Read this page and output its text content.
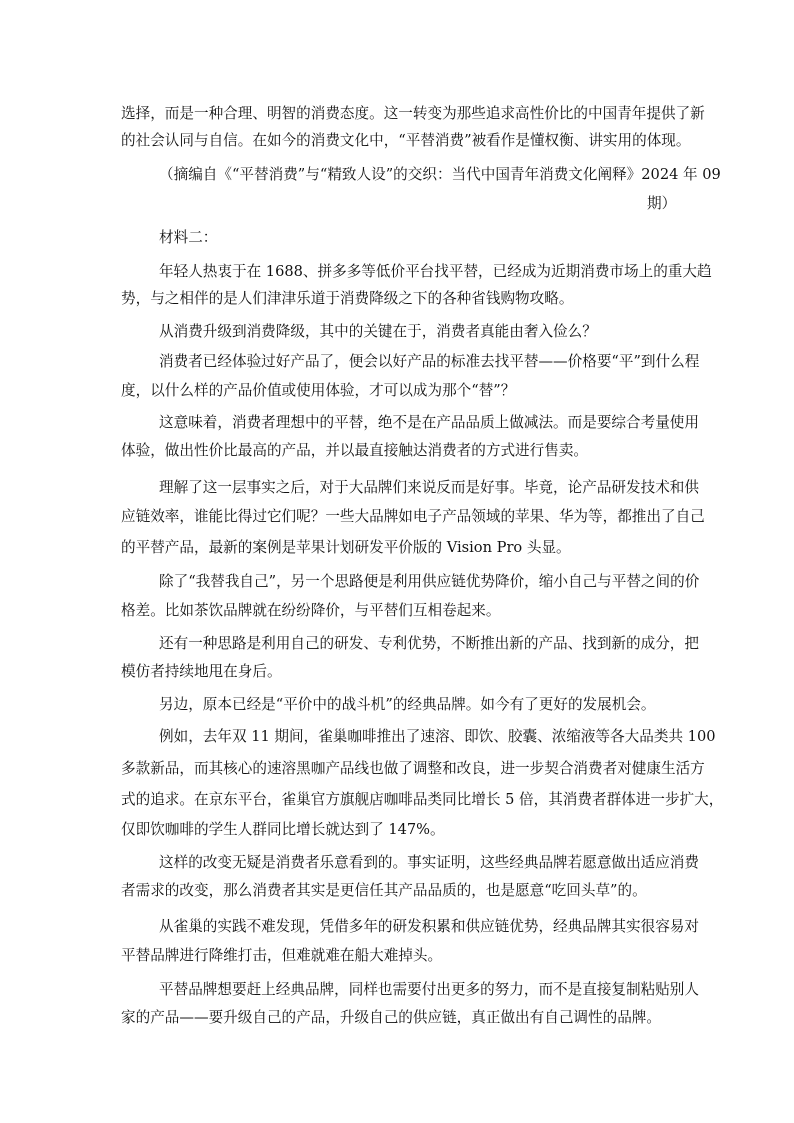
选择，而是一种合理、明智的消费态度。这一转变为那些追求高性价比的中国青年提供了新
的社会认同与自信。在如今的消费文化中，“平替消费”被看作是懂权衡、讲实用的体现。
（摘编自《“平替消费”与“精致人设”的交织：当代中国青年消费文化阐释》2024 年 09
期）
材料二：
年轻人热衷于在 1688、拼多多等低价平台找平替，已经成为近期消费市场上的重大趋
势，与之相伴的是人们津津乐道于消费降级之下的各种省钱购物攻略。
从消费升级到消费降级，其中的关键在于，消费者真能由奢入俭么？
消费者已经体验过好产品了，便会以好产品的标准去找平替——价格要“平”到什么程
度，以什么样的产品价值或使用体验，才可以成为那个“替”？
这意味着，消费者理想中的平替，绝不是在产品品质上做减法。而是要综合考量使用
体验，做出性价比最高的产品，并以最直接触达消费者的方式进行售卖。
理解了这一层事实之后，对于大品牌们来说反而是好事。毕竟，论产品研发技术和供
应链效率，谁能比得过它们呢？一些大品牌如电子产品领域的苹果、华为等，都推出了自己
的平替产品，最新的案例是苹果计划研发平价版的 Vision Pro 头显。
除了“我替我自己”，另一个思路便是利用供应链优势降价，缩小自己与平替之间的价
格差。比如茶饮品牌就在纷纷降价，与平替们互相卷起来。
还有一种思路是利用自己的研发、专利优势，不断推出新的产品、找到新的成分，把
模仿者持续地甩在身后。
另边，原本已经是“平价中的战斗机”的经典品牌。如今有了更好的发展机会。
例如，去年双 11 期间，雀巢咖啡推出了速溶、即饮、胶囊、浓缩液等各大品类共 100
多款新品，而其核心的速溶黑咖产品线也做了调整和改良，进一步契合消费者对健康生活方
式的追求。在京东平台，雀巢官方旗舰店咖啡品类同比增长 5 倍，其消费者群体进一步扩大，
仅即饮咖啡的学生人群同比增长就达到了 147%。
这样的改变无疑是消费者乐意看到的。事实证明，这些经典品牌若愿意做出适应消费
者需求的改变，那么消费者其实是更信任其产品品质的，也是愿意“吃回头草”的。
从雀巢的实践不难发现，凭借多年的研发积累和供应链优势，经典品牌其实很容易对
平替品牌进行降维打击，但难就难在船大难掉头。
平替品牌想要赶上经典品牌，同样也需要付出更多的努力，而不是直接复制粘贴别人
家的产品——要升级自己的产品，升级自己的供应链，真正做出有自己调性的品牌。
